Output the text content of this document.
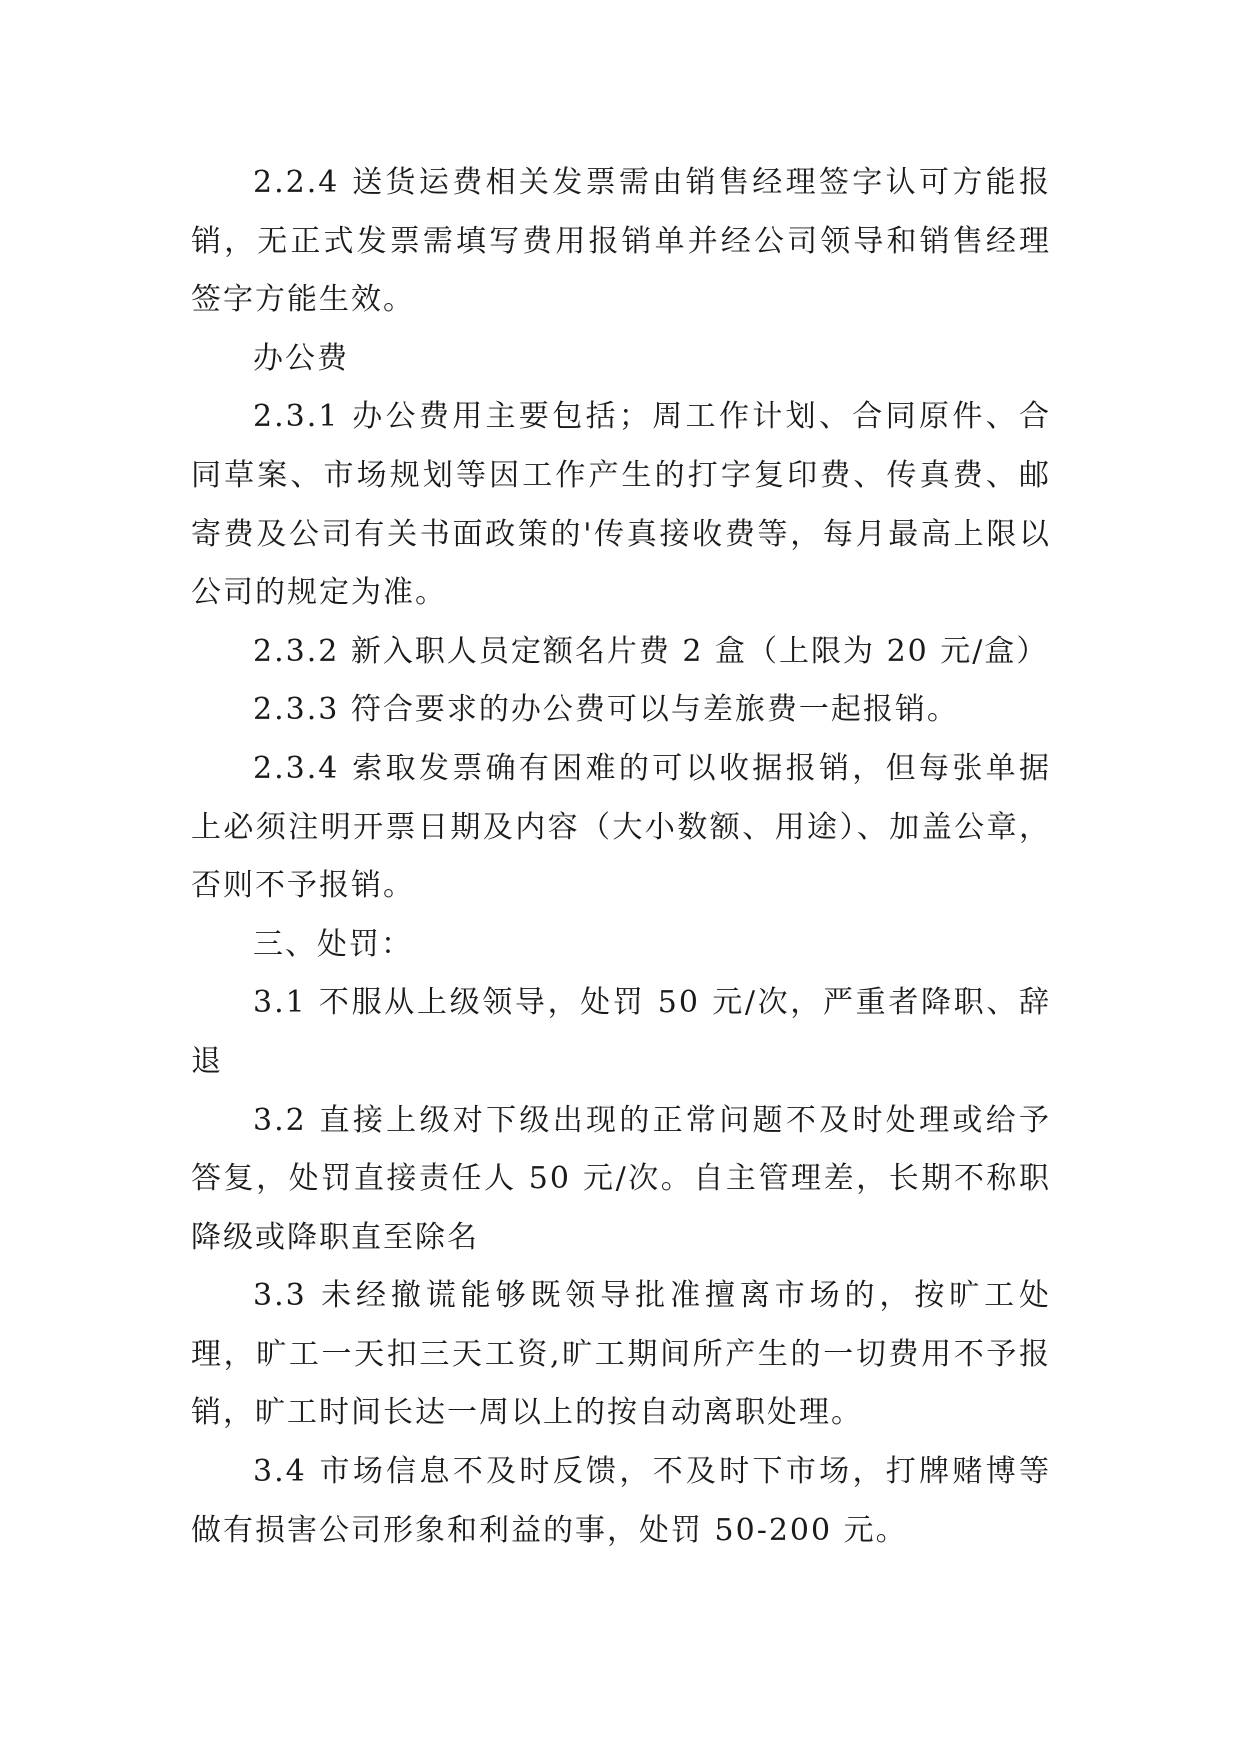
2.2.4 送货运费相关发票需由销售经理签字认可方能报销，无正式发票需填写费用报销单并经公司领导和销售经理签字方能生效。

办公费

2.3.1 办公费用主要包括；周工作计划、合同原件、合同草案、市场规划等因工作产生的打字复印费、传真费、邮寄费及公司有关书面政策的'传真接收费等，每月最高上限以公司的规定为准。

2.3.2 新入职人员定额名片费 2 盒（上限为 20 元/盒）

2.3.3 符合要求的办公费可以与差旅费一起报销。

2.3.4 索取发票确有困难的可以收据报销，但每张单据上必须注明开票日期及内容（大小数额、用途）、加盖公章，否则不予报销。

三、处罚：

3.1 不服从上级领导，处罚 50 元/次，严重者降职、辞退

3.2 直接上级对下级出现的正常问题不及时处理或给予答复，处罚直接责任人 50 元/次。自主管理差，长期不称职降级或降职直至除名

3.3 未经撤谎能够既领导批准擅离市场的，按旷工处理，旷工一天扣三天工资,旷工期间所产生的一切费用不予报销，旷工时间长达一周以上的按自动离职处理。

3.4 市场信息不及时反馈，不及时下市场，打牌赌博等做有损害公司形象和利益的事，处罚 50-200 元。
